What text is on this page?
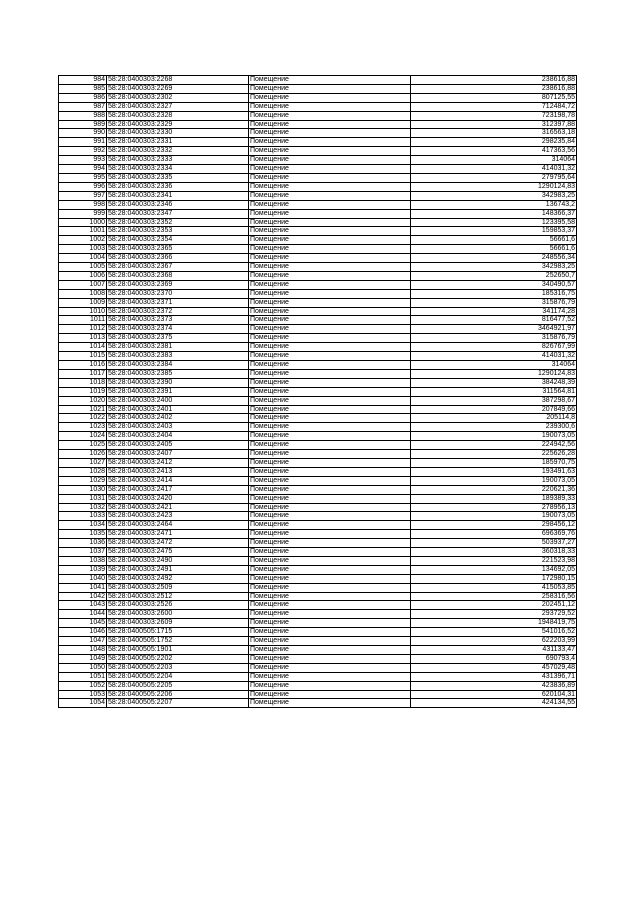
984	58:28:0400303:2268	Помещение	238616,88
985	58:28:0400303:2269	Помещение	238616,88
986	58:28:0400303:2302	Помещение	807125,55
987	58:28:0400303:2327	Помещение	712484,72
988	58:28:0400303:2328	Помещение	723198,78
989	58:28:0400303:2329	Помещение	312397,88
990	58:28:0400303:2330	Помещение	316563,18
991	58:28:0400303:2331	Помещение	298235,84
992	58:28:0400303:2332	Помещение	417363,56
993	58:28:0400303:2333	Помещение	314064
994	58:28:0400303:2334	Помещение	414031,32
995	58:28:0400303:2335	Помещение	279795,64
996	58:28:0400303:2336	Помещение	1290124,83
997	58:28:0400303:2341	Помещение	342983,25
998	58:28:0400303:2346	Помещение	136743,2
999	58:28:0400303:2347	Помещение	148366,37
1000	58:28:0400303:2352	Помещение	123395,58
1001	58:28:0400303:2353	Помещение	159853,37
1002	58:28:0400303:2354	Помещение	56661,6
1003	58:28:0400303:2365	Помещение	56661,6
1004	58:28:0400303:2366	Помещение	248556,34
1005	58:28:0400303:2367	Помещение	342983,25
1006	58:28:0400303:2368	Помещение	252650,7
1007	58:28:0400303:2369	Помещение	340490,57
1008	58:28:0400303:2370	Помещение	185316,75
1009	58:28:0400303:2371	Помещение	315876,79
1010	58:28:0400303:2372	Помещение	341174,28
1011	58:28:0400303:2373	Помещение	816477,52
1012	58:28:0400303:2374	Помещение	3464921,97
1013	58:28:0400303:2375	Помещение	315876,79
1014	58:28:0400303:2381	Помещение	826767,99
1015	58:28:0400303:2383	Помещение	414031,32
1016	58:28:0400303:2384	Помещение	314064
1017	58:28:0400303:2385	Помещение	1290124,83
1018	58:28:0400303:2390	Помещение	384248,39
1019	58:28:0400303:2391	Помещение	311564,81
1020	58:28:0400303:2400	Помещение	387298,67
1021	58:28:0400303:2401	Помещение	207849,66
1022	58:28:0400303:2402	Помещение	205114,8
1023	58:28:0400303:2403	Помещение	239300,6
1024	58:28:0400303:2404	Помещение	190073,05
1025	58:28:0400303:2405	Помещение	224942,56
1026	58:28:0400303:2407	Помещение	225626,28
1027	58:28:0400303:2412	Помещение	185970,75
1028	58:28:0400303:2413	Помещение	193491,63
1029	58:28:0400303:2414	Помещение	190073,05
1030	58:28:0400303:2417	Помещение	220621,36
1031	58:28:0400303:2420	Помещение	189389,33
1032	58:28:0400303:2421	Помещение	278956,13
1033	58:28:0400303:2423	Помещение	190073,05
1034	58:28:0400303:2464	Помещение	298456,12
1035	58:28:0400303:2471	Помещение	696369,76
1036	58:28:0400303:2472	Помещение	503937,27
1037	58:28:0400303:2475	Помещение	360318,33
1038	58:28:0400303:2490	Помещение	221523,98
1039	58:28:0400303:2491	Помещение	134692,05
1040	58:28:0400303:2492	Помещение	172980,15
1041	58:28:0400303:2509	Помещение	415053,85
1042	58:28:0400303:2512	Помещение	258316,56
1043	58:28:0400303:2526	Помещение	202451,12
1044	58:28:0400303:2600	Помещение	293729,52
1045	58:28:0400303:2609	Помещение	1948419,75
1046	58:28:0400505:1715	Помещение	541016,52
1047	58:28:0400505:1752	Помещение	622203,99
1048	58:28:0400505:1901	Помещение	431133,47
1049	58:28:0400505:2202	Помещение	690793,4
1050	58:28:0400505:2203	Помещение	457029,48
1051	58:28:0400505:2204	Помещение	431396,71
1052	58:28:0400505:2205	Помещение	423836,89
1053	58:28:0400505:2206	Помещение	620104,31
1054	58:28:0400505:2207	Помещение	424134,55
